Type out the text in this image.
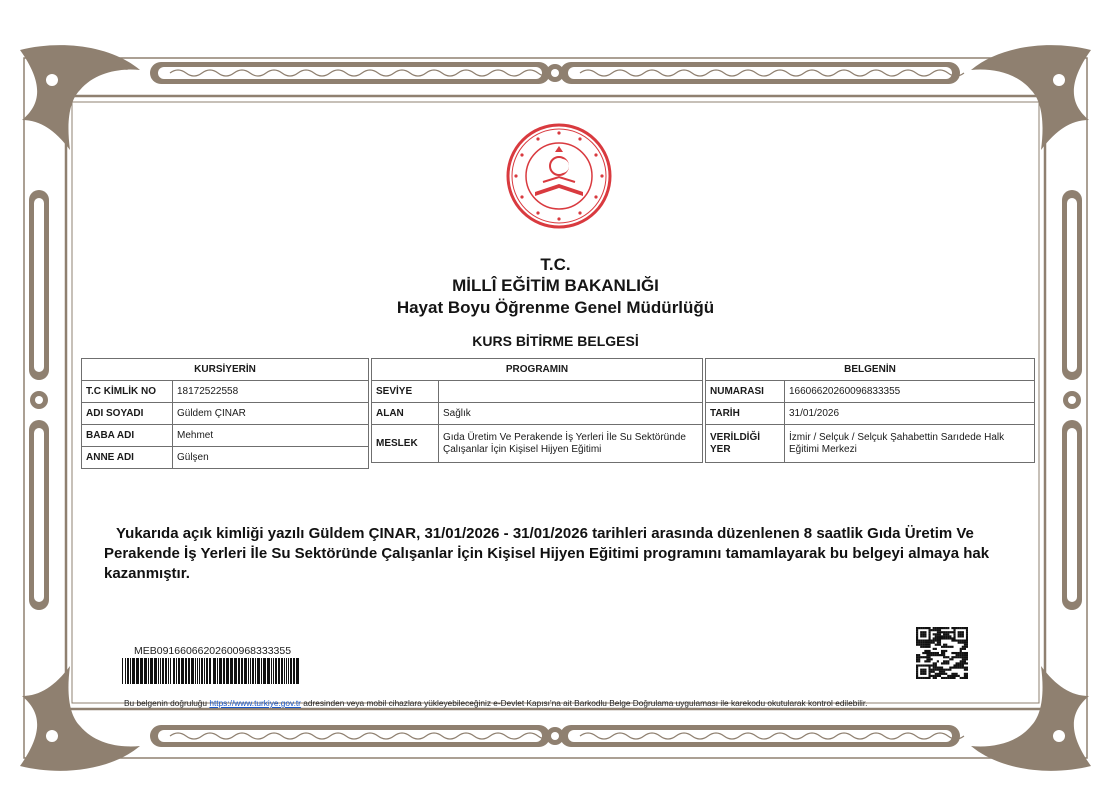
T.C.
MİLLÎ EĞİTİM BAKANLIĞI
Hayat Boyu Öğrenme Genel Müdürlüğü
KURS BİTİRME BELGESİ
KURSİYERİN	
T.C KİMLİK NO	18172522558
ADI SOYADI	Güldem ÇINAR
BABA ADI	Mehmet
ANNE ADI	Gülşen
PROGRAMIN	
SEVİYE	
ALAN	Sağlık
MESLEK	Gıda Üretim Ve Perakende İş Yerleri İle Su Sektöründe Çalışanlar İçin Kişisel Hijyen Eğitimi
BELGENİN	
NUMARASI	16606620260096833355
TARİH	31/01/2026
VERİLDİĞİ YER	İzmir / Selçuk / Selçuk Şahabettin Sarıdede Halk Eğitimi Merkezi
Yukarıda açık kimliği yazılı Güldem ÇINAR, 31/01/2026 - 31/01/2026 tarihleri arasında düzenlenen 8 saatlik Gıda Üretim Ve Perakende İş Yerleri İle Su Sektöründe Çalışanlar İçin Kişisel Hijyen Eğitimi programını tamamlayarak bu belgeyi almaya hak kazanmıştır.
MEB09166066202600968333355
Bu belgenin doğruluğu https://www.turkiye.gov.tr adresinden veya mobil cihazlara yükleyebileceğiniz e-Devlet Kapısı'na ait Barkodlu Belge Doğrulama uygulaması ile karekodu okutularak kontrol edilebilir.
